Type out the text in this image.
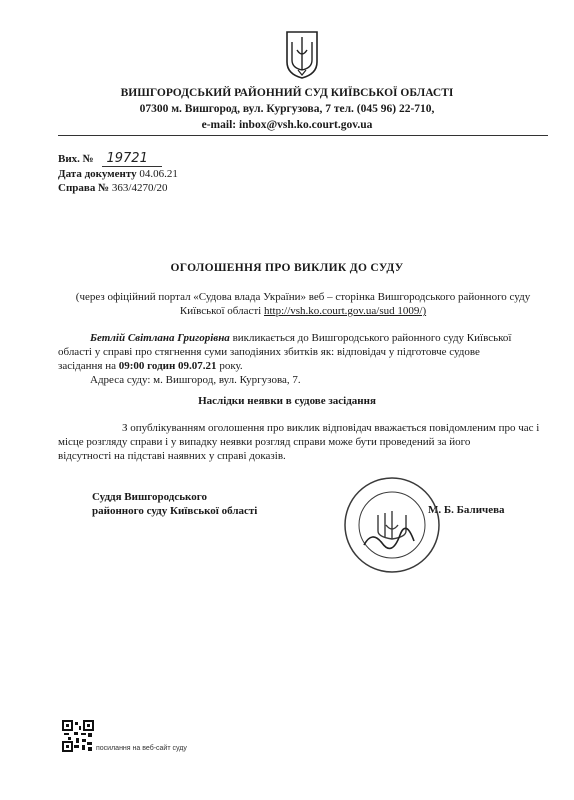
ВИШГОРОДСЬКИЙ РАЙОННИЙ СУД КИЇВСЬКОЇ ОБЛАСТІ
07300 м. Вишгород, вул. Кургузова, 7 тел. (045 96) 22-710,
e-mail: inbox@vsh.ko.court.gov.ua
Вих. № 19721
Дата документу 04.06.21
Справа № 363/4270/20
ОГОЛОШЕННЯ ПРО ВИКЛИК ДО СУДУ
(через офіційний портал «Судова влада України» веб – сторінка Вишгородського районного суду
Київської області http://vsh.ko.court.gov.ua/sud 1009/)
Бетлій Світлана Григорівна викликається до Вишгородського районного суду Київської
області у справі про стягнення суми заподіяних збитків як: відповідач у підготовче судове
засідання на 09:00 годин 09.07.21 року.
Адреса суду: м. Вишгород, вул. Кургузова, 7.
Наслідки неявки в судове засідання
З опублікуванням оголошення про виклик відповідач вважається повідомленим про час і
місце розгляду справи і у випадку неявки розгляд справи може бути проведений за його
відсутності на підставі наявних у справі доказів.
Суддя Вишгородського
районного суду Київської області	М. Б. Баличева
посилання на веб-сайт суду
